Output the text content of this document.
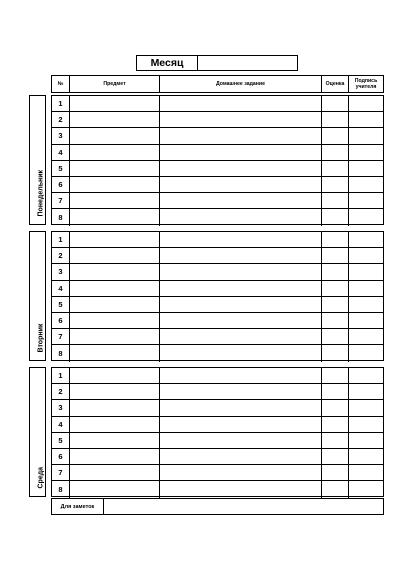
Месяц
№	Предмет	Домашнее задание	Оценка	Подпись учителя
Понедельник
1
2
3
4
5
6
7
8
Вторник
1
2
3
4
5
6
7
8
Среда
1
2
3
4
5
6
7
8
Для заметок
